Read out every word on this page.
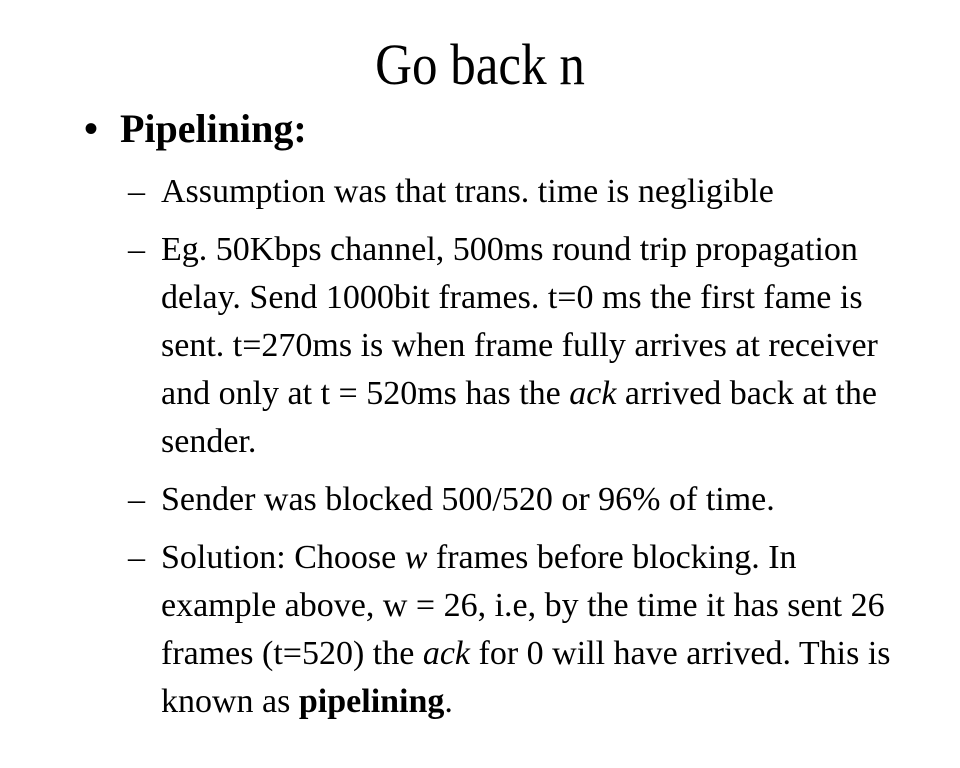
Go back n
• Pipelining:
– Assumption was that trans. time is negligible
– Eg. 50Kbps channel, 500ms round trip propagation delay. Send 1000bit frames. t=0 ms the first fame is sent. t=270ms is when frame fully arrives at receiver and only at t = 520ms has the ack arrived back at the sender.
– Sender was blocked 500/520 or 96% of time.
– Solution: Choose w frames before blocking. In example above, w = 26, i.e, by the time it has sent 26 frames (t=520) the ack for 0 will have arrived. This is known as pipelining.
